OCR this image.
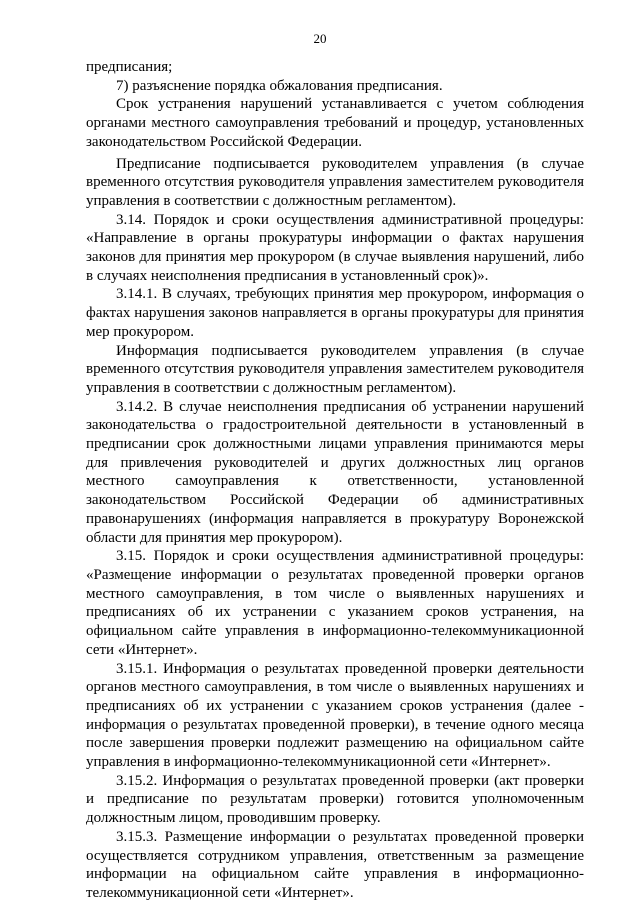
20

предписания;

7) разъяснение порядка обжалования предписания.

Срок устранения нарушений устанавливается с учетом соблюдения органами местного самоуправления требований и процедур, установленных законодательством Российской Федерации.

Предписание подписывается руководителем управления (в случае временного отсутствия руководителя управления заместителем руководителя управления в соответствии с должностным регламентом).

3.14. Порядок и сроки осуществления административной процедуры: «Направление в органы прокуратуры информации о фактах нарушения законов для принятия мер прокурором (в случае выявления нарушений, либо в случаях неисполнения предписания в установленный срок)».

3.14.1. В случаях, требующих принятия мер прокурором, информация о фактах нарушения законов направляется в органы прокуратуры для принятия мер прокурором.

Информация подписывается руководителем управления (в случае временного отсутствия руководителя управления заместителем руководителя управления в соответствии с должностным регламентом).

3.14.2. В случае неисполнения предписания об устранении нарушений законодательства о градостроительной деятельности в установленный в предписании срок должностными лицами управления принимаются меры для привлечения руководителей и других должностных лиц органов местного самоуправления к ответственности, установленной законодательством Российской Федерации об административных правонарушениях (информация направляется в прокуратуру Воронежской области для принятия мер прокурором).

3.15. Порядок и сроки осуществления административной процедуры: «Размещение информации о результатах проведенной проверки органов местного самоуправления, в том числе о выявленных нарушениях и предписаниях об их устранении с указанием сроков устранения, на официальном сайте управления в информационно-телекоммуникационной сети «Интернет».

3.15.1. Информация о результатах проведенной проверки деятельности органов местного самоуправления, в том числе о выявленных нарушениях и предписаниях об их устранении с указанием сроков устранения (далее - информация о результатах проведенной проверки), в течение одного месяца после завершения проверки подлежит размещению на официальном сайте управления в информационно-телекоммуникационной сети «Интернет».

3.15.2. Информация о результатах проведенной проверки (акт проверки и предписание по результатам проверки) готовится уполномоченным должностным лицом, проводившим проверку.

3.15.3. Размещение информации о результатах проведенной проверки осуществляется сотрудником управления, ответственным за размещение информации на официальном сайте управления в информационно-телекоммуникационной сети «Интернет».
